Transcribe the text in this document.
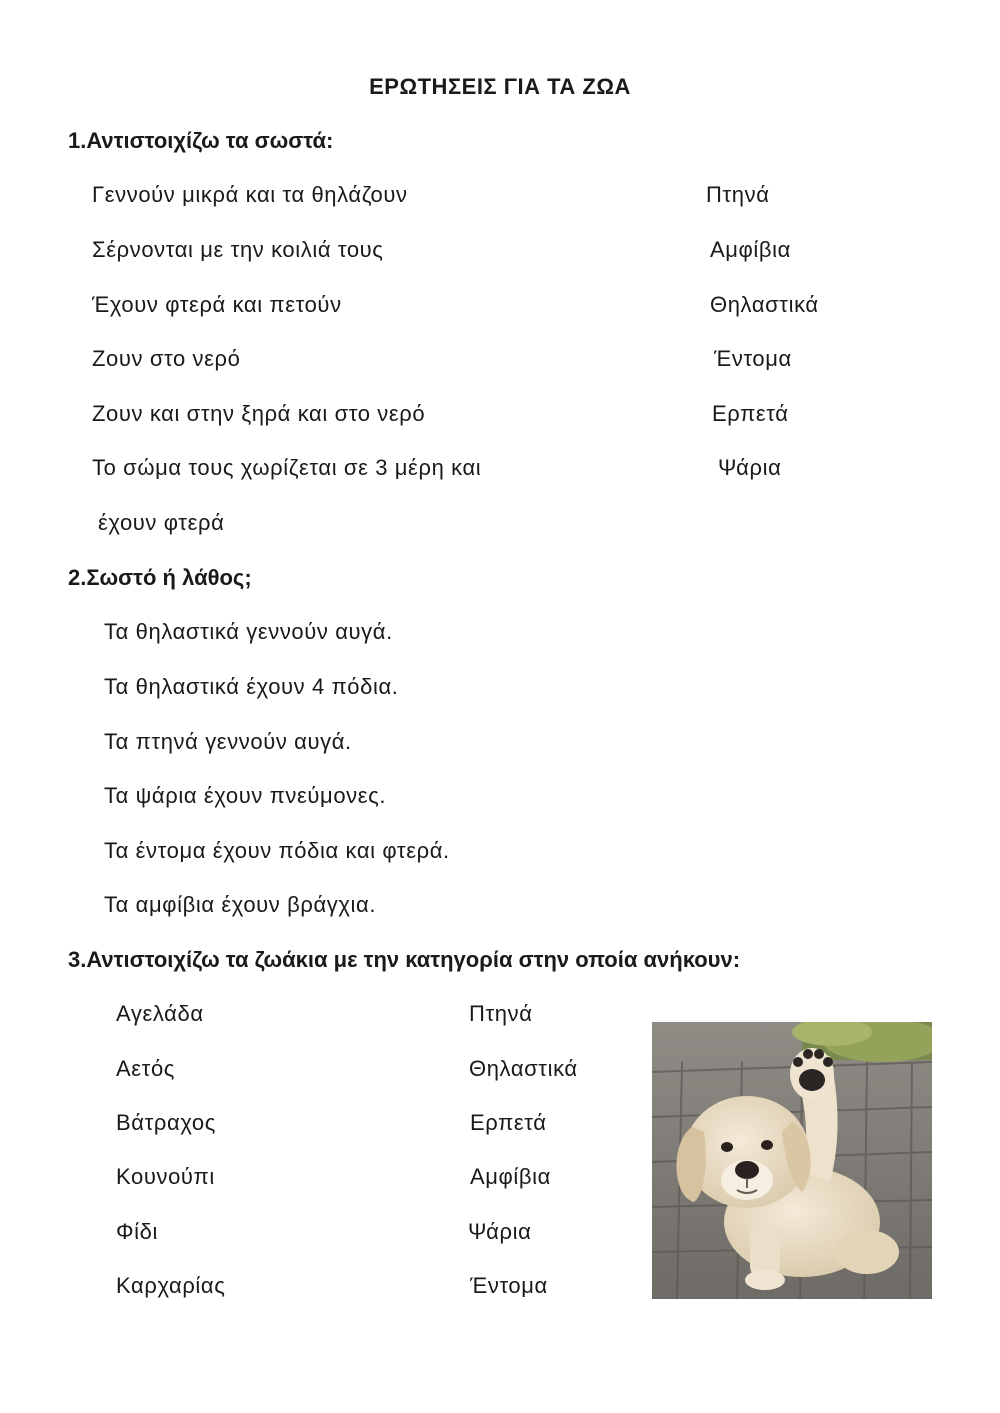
ΕΡΩΤΗΣΕΙΣ ΓΙΑ ΤΑ ΖΩΑ
1.Αντιστοιχίζω τα σωστά:
Γεννούν μικρά και τα θηλάζουν
Σέρνονται με την κοιλιά τους
Έχουν φτερά και πετούν
Ζουν στο νερό
Ζουν και στην ξηρά και στο νερό
Το σώμα τους χωρίζεται σε 3 μέρη και
έχουν φτερά
Πτηνά
Αμφίβια
Θηλαστικά
Έντομα
Ερπετά
Ψάρια
2.Σωστό ή λάθος;
Τα θηλαστικά γεννούν αυγά.
Τα θηλαστικά έχουν 4 πόδια.
Τα πτηνά γεννούν αυγά.
Τα ψάρια έχουν πνεύμονες.
Τα έντομα έχουν πόδια και φτερά.
Τα αμφίβια έχουν βράγχια.
3.Αντιστοιχίζω τα ζωάκια με την κατηγορία στην οποία ανήκουν:
Αγελάδα
Αετός
Βάτραχος
Κουνούπι
Φίδι
Καρχαρίας
Πτηνά
Θηλαστικά
Ερπετά
Αμφίβια
Ψάρια
Έντομα
